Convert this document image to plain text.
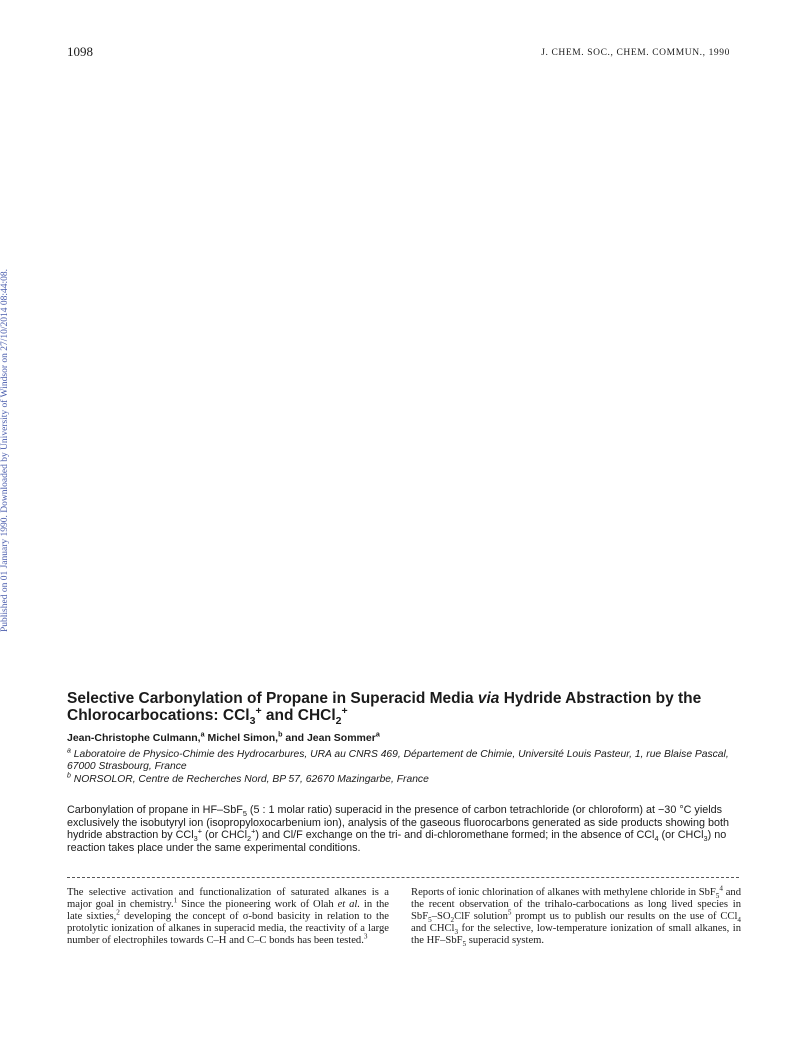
1098	J. CHEM. SOC., CHEM. COMMUN., 1990
Published on 01 January 1990. Downloaded by University of Windsor on 27/10/2014 08:44:08.
Selective Carbonylation of Propane in Superacid Media via Hydride Abstraction by the Chlorocarbocations: CCl$_3$+ and CHCl$_2$+
Jean-Christophe Culmann,$^a$ Michel Simon,$^b$ and Jean Sommer$^a$
$^a$ Laboratoire de Physico-Chimie des Hydrocarbures, URA au CNRS 469, Département de Chimie, Université Louis Pasteur, 1, rue Blaise Pascal, 67000 Strasbourg, France
$^b$ NORSOLOR, Centre de Recherches Nord, BP 57, 62670 Mazingarbe, France

Carbonylation of propane in HF–SbF$_5$ (5 : 1 molar ratio) superacid in the presence of carbon tetrachloride (or chloroform) at −30 °C yields exclusively the isobutyryl ion (isopropyloxocarbenium ion), analysis of the gaseous fluorocarbons generated as side products showing both hydride abstraction by CCl$_3$+ (or CHCl$_2$+) and Cl/F exchange on the tri- and di-chloromethane formed; in the absence of CCl$_4$ (or CHCl$_3$) no reaction takes place under the same experimental conditions.

The selective activation and functionalization of saturated alkanes is a major goal in chemistry.$^1$ Since the pioneering work of Olah et al. in the late sixties,$^2$ developing the concept of σ-bond basicity in relation to the protolytic ionization of alkanes in superacid media, the reactivity of a large number of electrophiles towards C–H and C–C bonds has been tested.$^3$

Reports of ionic chlorination of alkanes with methylene chloride in SbF$_5^4$ and the recent observation of the trihalo-carbocations as long lived species in $SbF_5-SO_2ClF$ solution$^5$ prompt us to publish our results on the use of CCl$_4$ and CHCl$_3$ for the selective, low-temperature ionization of small alkanes, in the HF–SbF$_5$ superacid system.
